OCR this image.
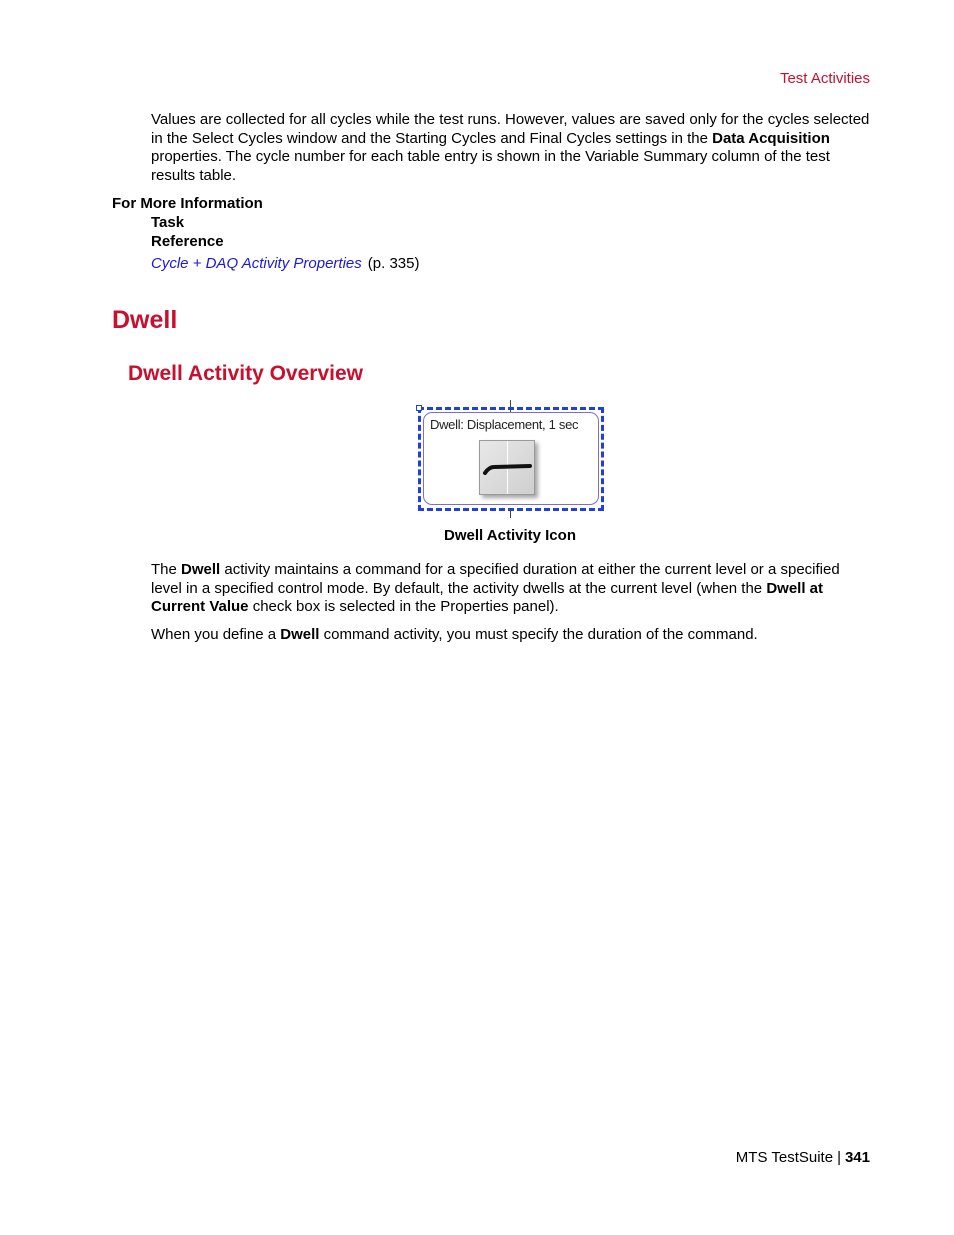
Test Activities

Values are collected for all cycles while the test runs. However, values are saved only for the cycles selected in the Select Cycles window and the Starting Cycles and Final Cycles settings in the Data Acquisition properties. The cycle number for each table entry is shown in the Variable Summary column of the test results table.

For More Information
Task
Reference
Cycle + DAQ Activity Properties (p. 335)
Dwell
Dwell Activity Overview
Dwell: Displacement, 1 sec
Dwell Activity Icon

The Dwell activity maintains a command for a specified duration at either the current level or a specified level in a specified control mode. By default, the activity dwells at the current level (when the Dwell at Current Value check box is selected in the Properties panel).

When you define a Dwell command activity, you must specify the duration of the command.

MTS TestSuite | 341
